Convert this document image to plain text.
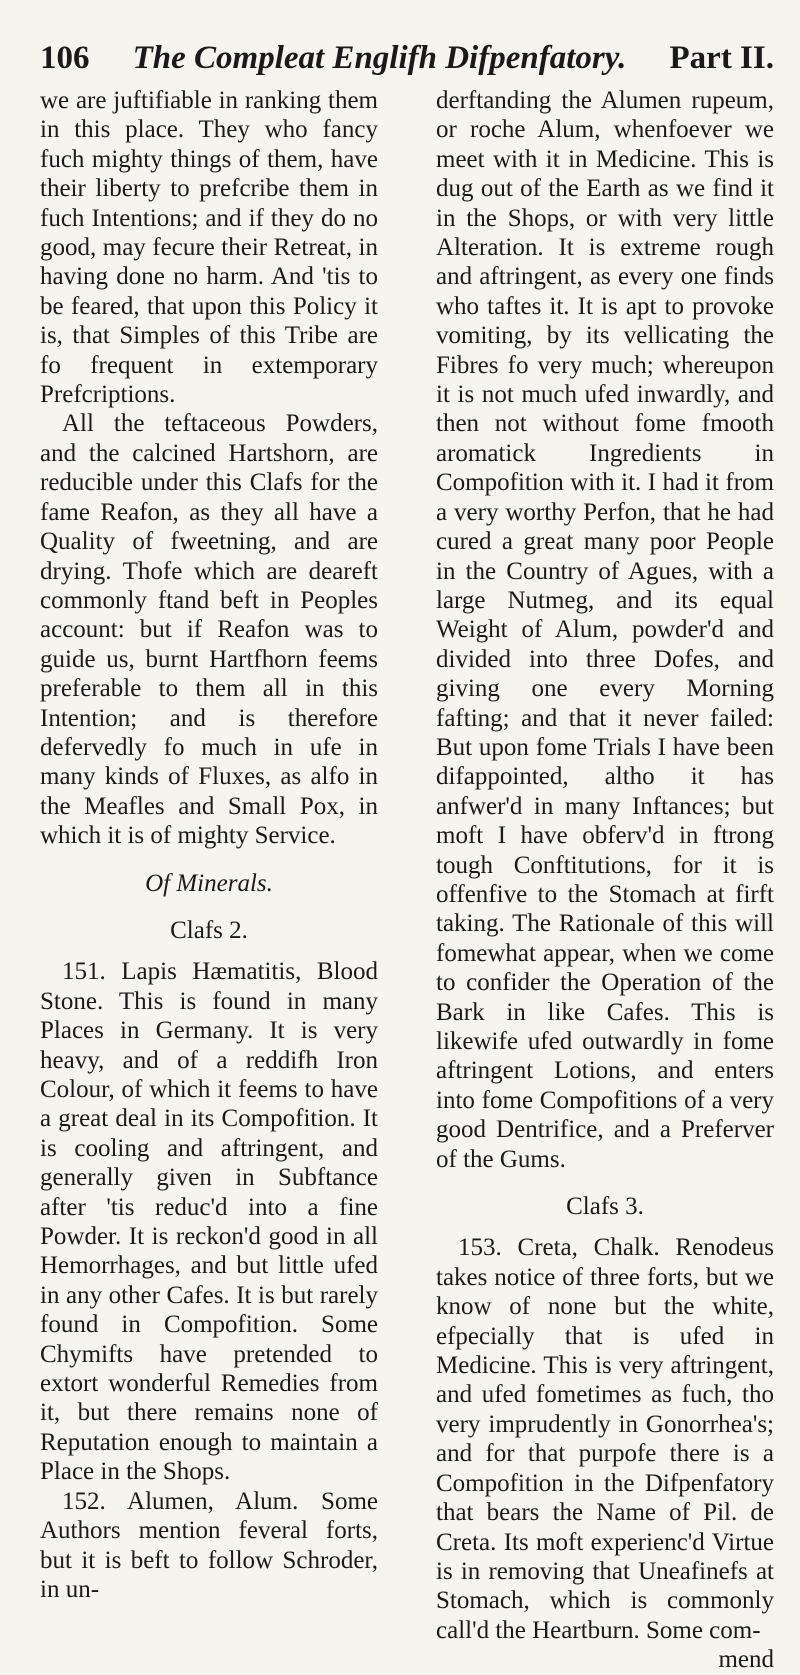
106	The Compleat Englifh Difpenfatory.	Part II.

we are juftifiable in ranking them in this place. They who fancy fuch mighty things of them, have their liberty to prefcribe them in fuch Intentions; and if they do no good, may fecure their Retreat, in having done no harm. And 'tis to be feared, that upon this Policy it is, that Simples of this Tribe are fo frequent in extemporary Prefcriptions.

All the teftaceous Powders, and the calcined Hartshorn, are reducible under this Clafs for the fame Reafon, as they all have a Quality of fweetning, and are drying. Thofe which are deareft commonly ftand beft in Peoples account: but if Reafon was to guide us, burnt Hartfhorn feems preferable to them all in this Intention; and is therefore defervedly fo much in ufe in many kinds of Fluxes, as alfo in the Meafles and Small Pox, in which it is of mighty Service.

Of Minerals.
Clafs 2.

151. Lapis Hæmatitis, Blood Stone. This is found in many Places in Germany. It is very heavy, and of a reddifh Iron Colour, of which it feems to have a great deal in its Compofition. It is cooling and aftringent, and generally given in Subftance after 'tis reduc'd into a fine Powder. It is reckon'd good in all Hemorrhages, and but little ufed in any other Cafes. It is but rarely found in Compofition. Some Chymifts have pretended to extort wonderful Remedies from it, but there remains none of Reputation enough to maintain a Place in the Shops.

152. Alumen, Alum. Some Authors mention feveral forts, but it is beft to follow Schroder, in un-

derftanding the Alumen rupeum, or roche Alum, whenfoever we meet with it in Medicine. This is dug out of the Earth as we find it in the Shops, or with very little Alteration. It is extreme rough and aftringent, as every one finds who taftes it. It is apt to provoke vomiting, by its vellicating the Fibres fo very much; whereupon it is not much ufed inwardly, and then not without fome fmooth aromatick Ingredients in Compofition with it. I had it from a very worthy Perfon, that he had cured a great many poor People in the Country of Agues, with a large Nutmeg, and its equal Weight of Alum, powder'd and divided into three Dofes, and giving one every Morning fafting; and that it never failed: But upon fome Trials I have been difappointed, altho it has anfwer'd in many Inftances; but moft I have obferv'd in ftrong tough Conftitutions, for it is offenfive to the Stomach at firft taking. The Rationale of this will fomewhat appear, when we come to confider the Operation of the Bark in like Cafes. This is likewife ufed outwardly in fome aftringent Lotions, and enters into fome Compofitions of a very good Dentrifice, and a Preferver of the Gums.

Clafs 3.

153. Creta, Chalk. Renodeus takes notice of three forts, but we know of none but the white, efpecially that is ufed in Medicine. This is very aftringent, and ufed fometimes as fuch, tho very imprudently in Gonorrhea's; and for that purpofe there is a Compofition in the Difpenfatory that bears the Name of Pil. de Creta. Its moft experienc'd Virtue is in removing that Uneafinefs at Stomach, which is commonly call'd the Heartburn. Some com-

mend
